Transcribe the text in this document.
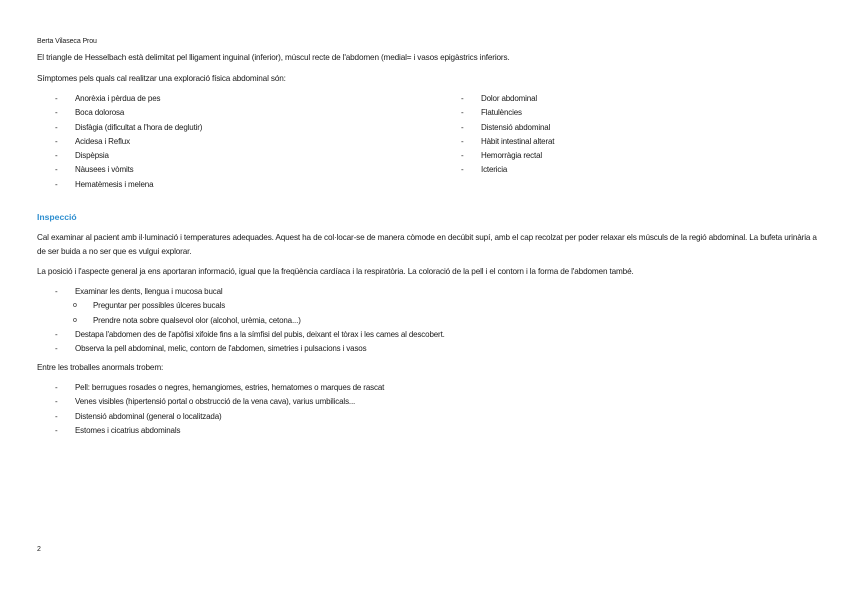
Berta Vilaseca Prou
El triangle de Hesselbach està delimitat pel lligament inguinal (inferior), múscul recte de l'abdomen (medial= i vasos epigàstrics inferiors.
Símptomes pels quals cal realitzar una exploració física abdominal són:
- Anorèxia i pèrdua de pes
- Boca dolorosa
- Disfàgia (dificultat a l'hora de deglutir)
- Acidesa i Reflux
- Dispèpsia
- Nàusees i vòmits
- Hematèmesis i melena
- Dolor abdominal
- Flatulències
- Distensió abdominal
- Hàbit intestinal alterat
- Hemorràgia rectal
- Ictericia
Inspecció
Cal examinar al pacient amb il·luminació i temperatures adequades. Aquest ha de col·locar-se de manera còmode en decúbit supí, amb el cap recolzat per poder relaxar els músculs de la regió abdominal. La bufeta urinària a de ser buida a no ser que es vulgui explorar.
La posició i l'aspecte general ja ens aportaran informació, igual que la freqüència cardíaca i la respiratòria. La coloració de la pell i el contorn i la forma de l'abdomen també.
- Examinar les dents, llengua i mucosa bucal
o Preguntar per possibles úlceres bucals
o Prendre nota sobre qualsevol olor (alcohol, urèmia, cetona...)
- Destapa l'abdomen des de l'apòfisi xifoide fins a la símfisi del pubis, deixant el tòrax i les cames al descobert.
- Observa la pell abdominal, melic, contorn de l'abdomen, simetries i pulsacions i vasos
Entre les troballes anormals trobem:
- Pell: berrugues rosades o negres, hemangiomes, estries, hematomes o marques de rascat
- Venes visibles (hipertensió portal o obstrucció de la vena cava), varius umbilicals...
- Distensió abdominal (general o localitzada)
- Estomes i cicatrius abdominals
2
